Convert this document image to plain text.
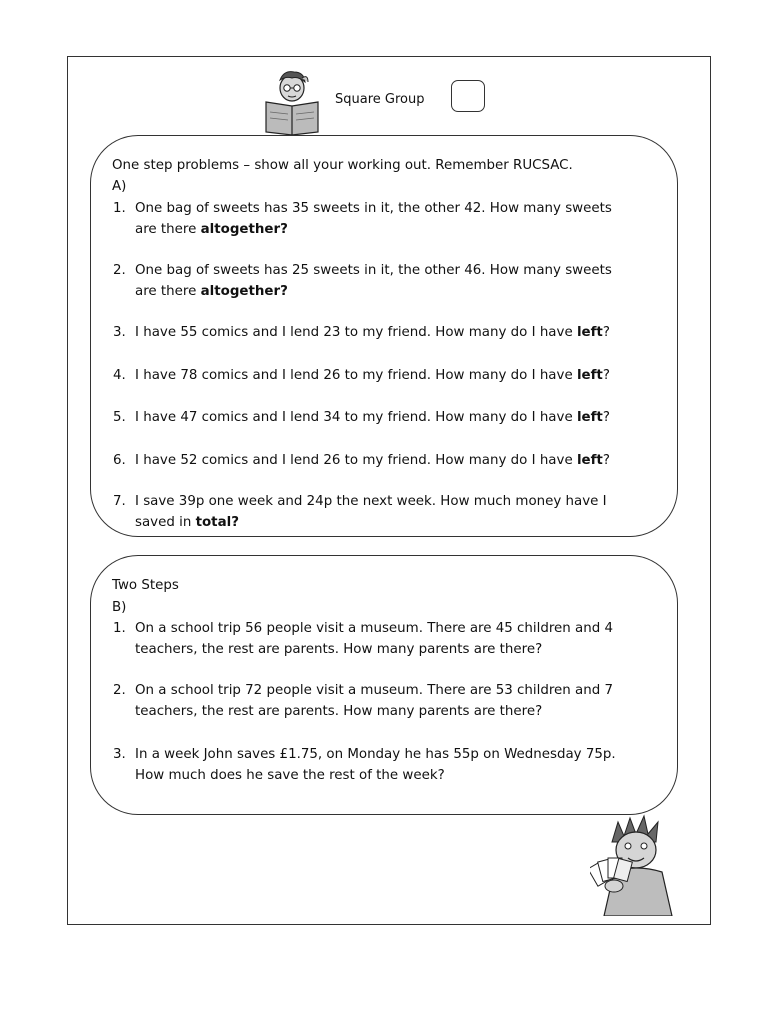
Square Group
One step problems – show all your working out. Remember RUCSAC.
A)
1. One bag of sweets has 35 sweets in it, the other 42. How many sweets
are there altogether?
2. One bag of sweets has 25 sweets in it, the other 46. How many sweets
are there altogether?
3. I have 55 comics and I lend 23 to my friend. How many do I have left?
4. I have 78 comics and I lend 26 to my friend. How many do I have left?
5. I have 47 comics and I lend 34 to my friend. How many do I have left?
6. I have 52 comics and I lend 26 to my friend. How many do I have left?
7. I save 39p one week and 24p the next week. How much money have I
saved in total?
Two Steps
B)
1. On a school trip 56 people visit a museum. There are 45 children and 4
teachers, the rest are parents. How many parents are there?
2. On a school trip 72 people visit a museum. There are 53 children and 7
teachers, the rest are parents. How many parents are there?
3. In a week John saves £1.75, on Monday he has 55p on Wednesday 75p.
How much does he save the rest of the week?
